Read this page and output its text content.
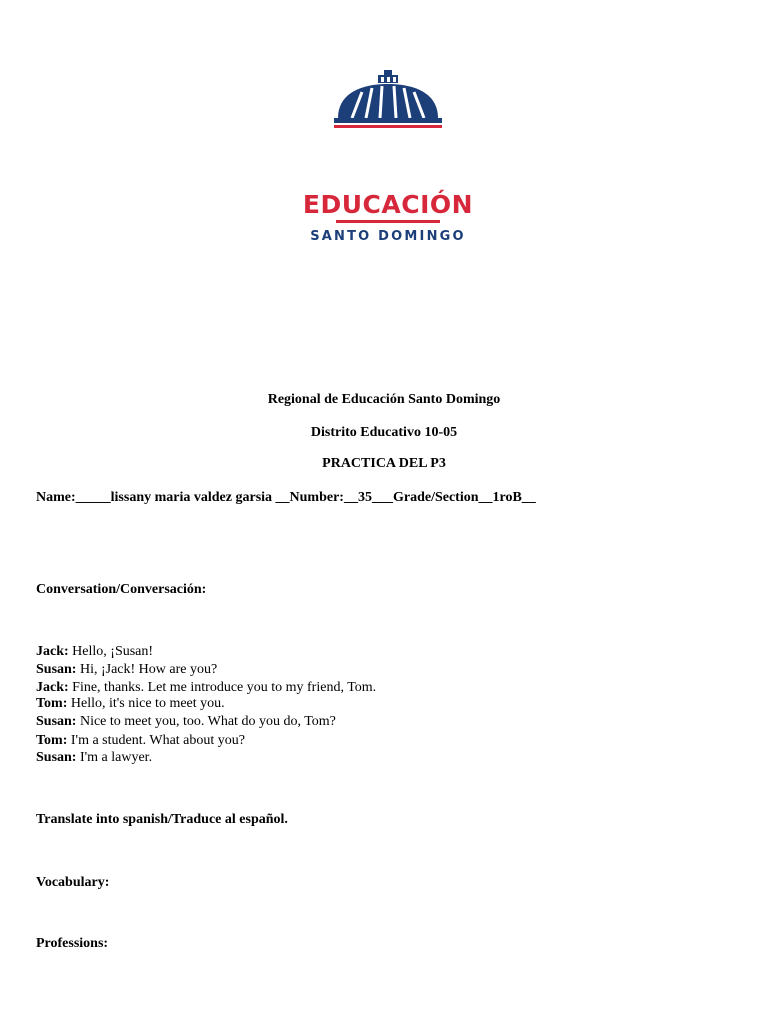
EDUCACIÓN
SANTO DOMINGO
Regional de Educación Santo Domingo
Distrito Educativo 10-05
PRACTICA DEL P3
Name:_____lissany maria valdez garsia __Number:__35___Grade/Section__1roB__
Conversation/Conversación:
Jack: Hello, ¡Susan!
Susan: Hi, ¡Jack! How are you?
Jack: Fine, thanks. Let me introduce you to my friend, Tom.
Tom: Hello, it's nice to meet you.
Susan: Nice to meet you, too. What do you do, Tom?
Tom: I'm a student. What about you?
Susan: I'm a lawyer.
Translate into spanish/Traduce al español.
Vocabulary:
Professions:
